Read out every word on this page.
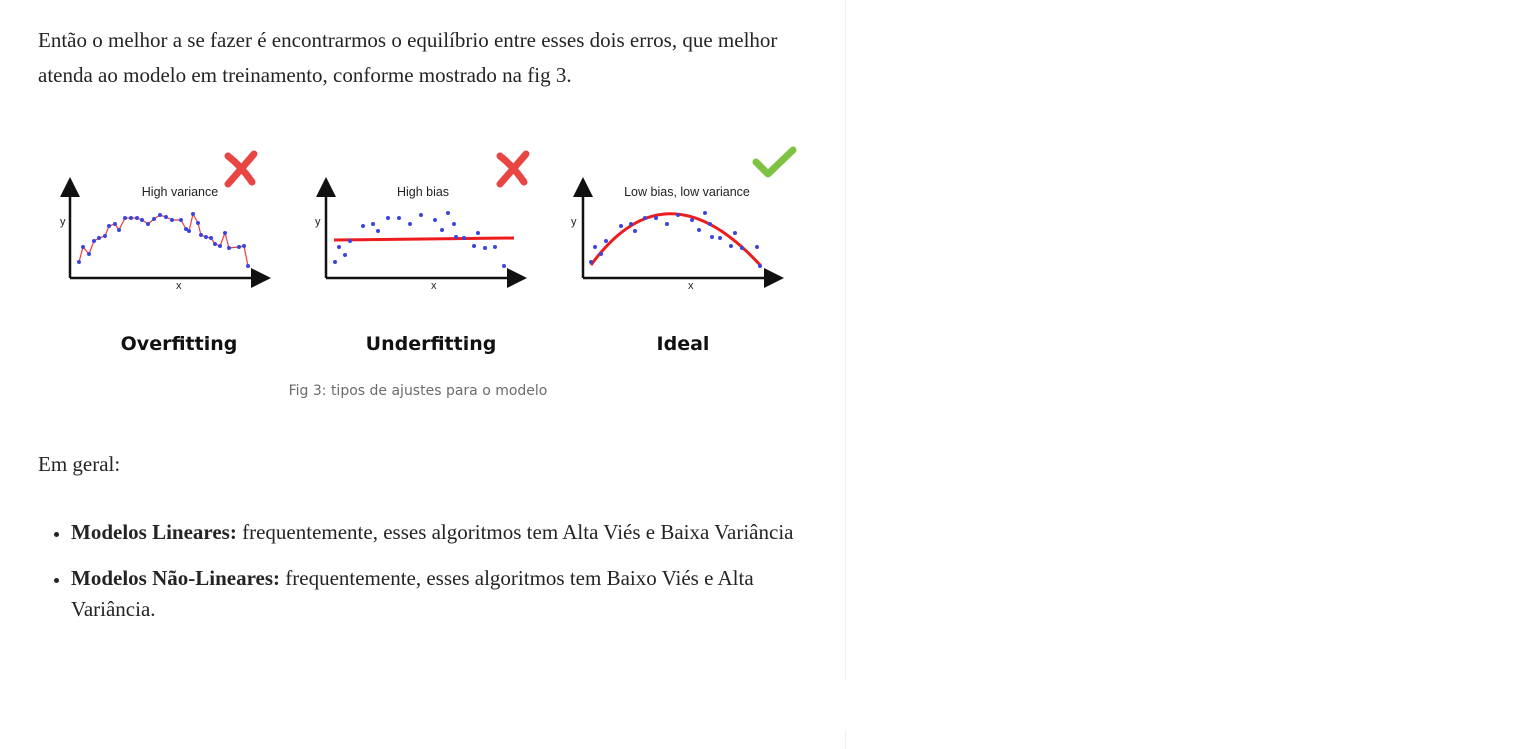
Então o melhor a se fazer é encontrarmos o equilíbrio entre esses dois erros, que melhor atenda ao modelo em treinamento, conforme mostrado na fig 3.

y
x
High variance
Overfitting
y
x
High bias
Underfitting
y
x
Low bias, low variance
Ideal
Fig 3: tipos de ajustes para o modelo

Em geral:

• Modelos Lineares: frequentemente, esses algoritmos tem Alta Viés e Baixa Variância
• Modelos Não-Lineares: frequentemente, esses algoritmos tem Baixo Viés e Alta Variância.
